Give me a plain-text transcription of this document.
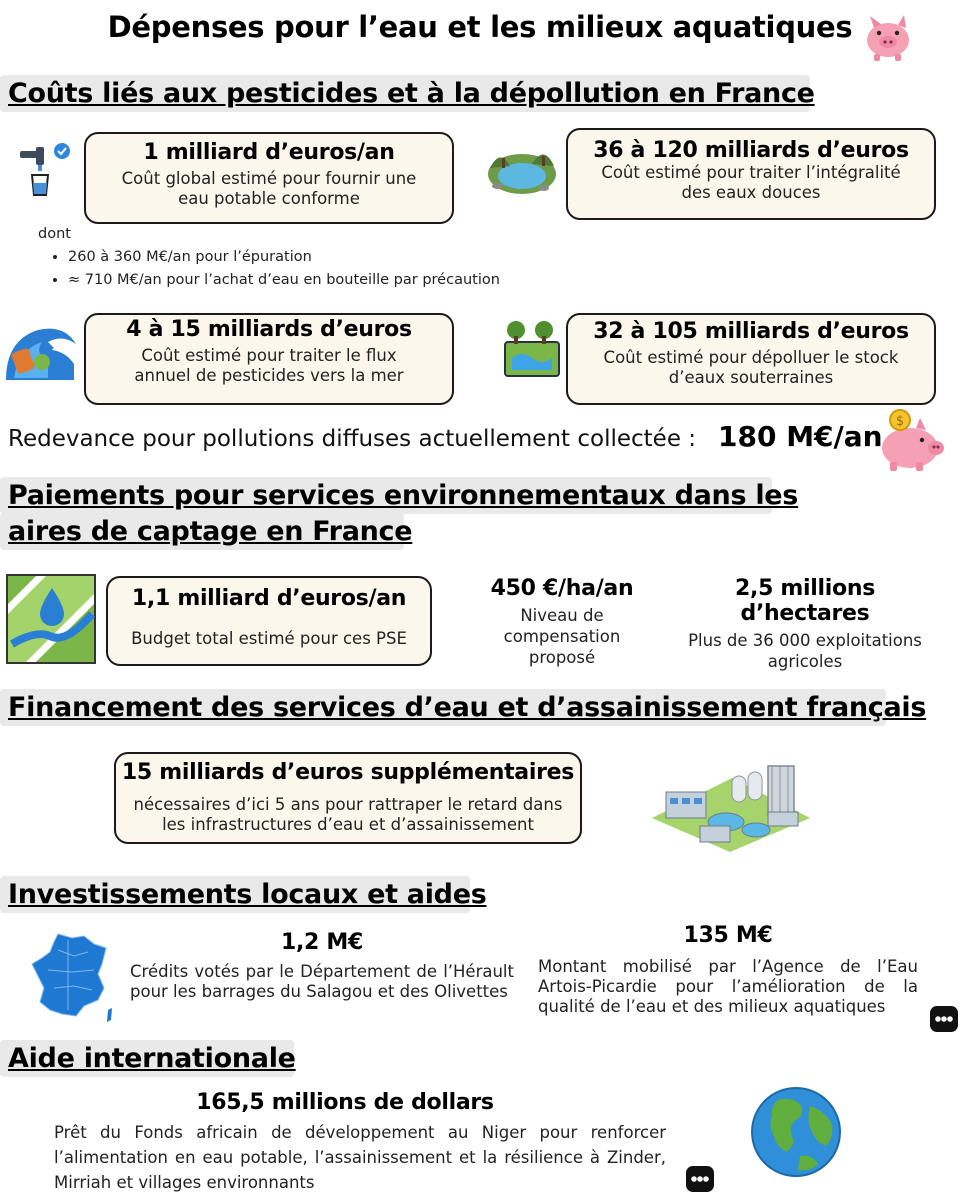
Dépenses pour l’eau et les milieux aquatiques
Coûts liés aux pesticides et à la dépollution en France
1 milliard d’euros/an
Coût global estimé pour fournir une eau potable conforme
36 à 120 milliards d’euros
Coût estimé pour traiter l’intégralité des eaux douces
dont
• 260 à 360 M€/an pour l’épuration
• ≈ 710 M€/an pour l’achat d’eau en bouteille par précaution
4 à 15 milliards d’euros
Coût estimé pour traiter le flux annuel de pesticides vers la mer
32 à 105 milliards d’euros
Coût estimé pour dépolluer le stock d’eaux souterraines
Redevance pour pollutions diffuses actuellement collectée : 180 M€/an $
Paiements pour services environnementaux dans les
aires de captage en France
1,1 milliard d’euros/an
Budget total estimé pour ces PSE
450 €/ha/an
Niveau de compensation proposé
2,5 millions d’hectares
Plus de 36 000 exploitations agricoles
Financement des services d’eau et d’assainissement français
15 milliards d’euros supplémentaires
nécessaires d’ici 5 ans pour rattraper le retard dans les infrastructures d’eau et d’assainissement
Investissements locaux et aides
1,2 M€
Crédits votés par le Département de l’Hérault pour les barrages du Salagou et des Olivettes
135 M€
Montant mobilisé par l’Agence de l’Eau Artois-Picardie pour l’amélioration de la qualité de l’eau et des milieux aquatiques
Aide internationale
165,5 millions de dollars
Prêt du Fonds africain de développement au Niger pour renforcer l’alimentation en eau potable, l’assainissement et la résilience à Zinder, Mirriah et villages environnants
